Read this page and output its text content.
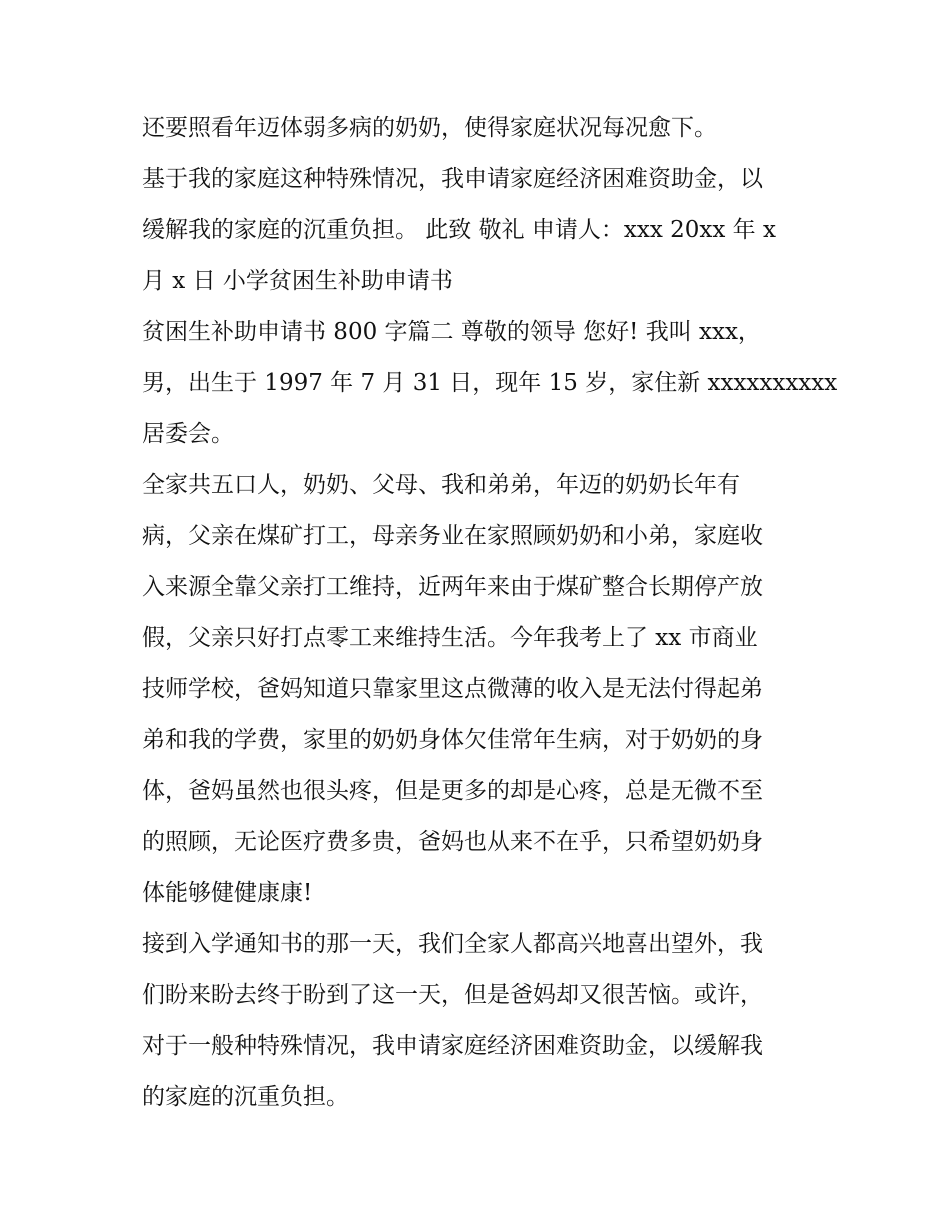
还要照看年迈体弱多病的奶奶，使得家庭状况每况愈下。
基于我的家庭这种特殊情况，我申请家庭经济困难资助金，以
缓解我的家庭的沉重负担。 此致 敬礼 申请人：xxx 20xx 年 x
月 x 日 小学贫困生补助申请书
贫困生补助申请书 800 字篇二 尊敬的领导 您好! 我叫 xxx，
男，出生于 1997 年 7 月 31 日，现年 15 岁，家住新 xxxxxxxxxx
居委会。
全家共五口人，奶奶、父母、我和弟弟，年迈的奶奶长年有
病，父亲在煤矿打工，母亲务业在家照顾奶奶和小弟，家庭收
入来源全靠父亲打工维持，近两年来由于煤矿整合长期停产放
假，父亲只好打点零工来维持生活。今年我考上了 xx 市商业
技师学校，爸妈知道只靠家里这点微薄的收入是无法付得起弟
弟和我的学费，家里的奶奶身体欠佳常年生病，对于奶奶的身
体，爸妈虽然也很头疼，但是更多的却是心疼，总是无微不至
的照顾，无论医疗费多贵，爸妈也从来不在乎，只希望奶奶身
体能够健健康康!
接到入学通知书的那一天，我们全家人都高兴地喜出望外，我
们盼来盼去终于盼到了这一天，但是爸妈却又很苦恼。或许，
对于一般种特殊情况，我申请家庭经济困难资助金，以缓解我
的家庭的沉重负担。
